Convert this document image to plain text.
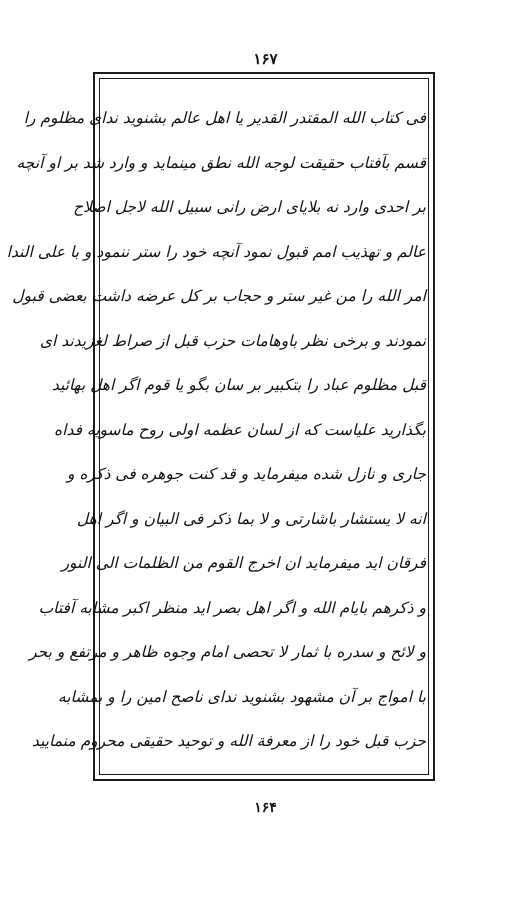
۱۶۷
فی کتاب الله المقتدر القدیر یا اهل عالم بشنوید ندای مظلوم را
قسم بآفتاب حقیقت لوجه الله نطق مینماید و وارد شد بر او آنچه
بر احدی وارد نه بلایای ارض رانی سبیل الله لاجل اصلاح
عالم و تهذیب امم قبول نمود آنچه خود را ستر ننمود و با علی الندا
امر الله را من غیر ستر و حجاب بر کل عرضه داشت بعضی قبول
نمودند و برخی نظر باوهامات حزب قبل از صراط لغزیدند ای
قبل مظلوم عباد را بتکبیر بر سان بگو یا قوم اگر اهل بهائید
بگذارید علیاست که از لسان عظمه اولی روح ماسویه فداه
جاری و نازل شده میفرماید و قد کنت جوهره فی ذکره و
انه لا یستشار باشارتی و لا بما ذکر فی البیان و اگر اهل
فرقان اید میفرماید ان اخرج القوم من الظلمات الی النور
و ذکرهم بایام الله و اگر اهل بصر اید منظر اکبر مشابه آفتاب
و لائح و سدره با ثمار لا تحصی امام وجوه ظاهر و مرتفع و بحر
با امواج بر آن مشهود بشنوید ندای ناصح امین را و بمشابه
حزب قبل خود را از معرفة الله و توحید حقیقی محروم منمایید
۱۶۴
